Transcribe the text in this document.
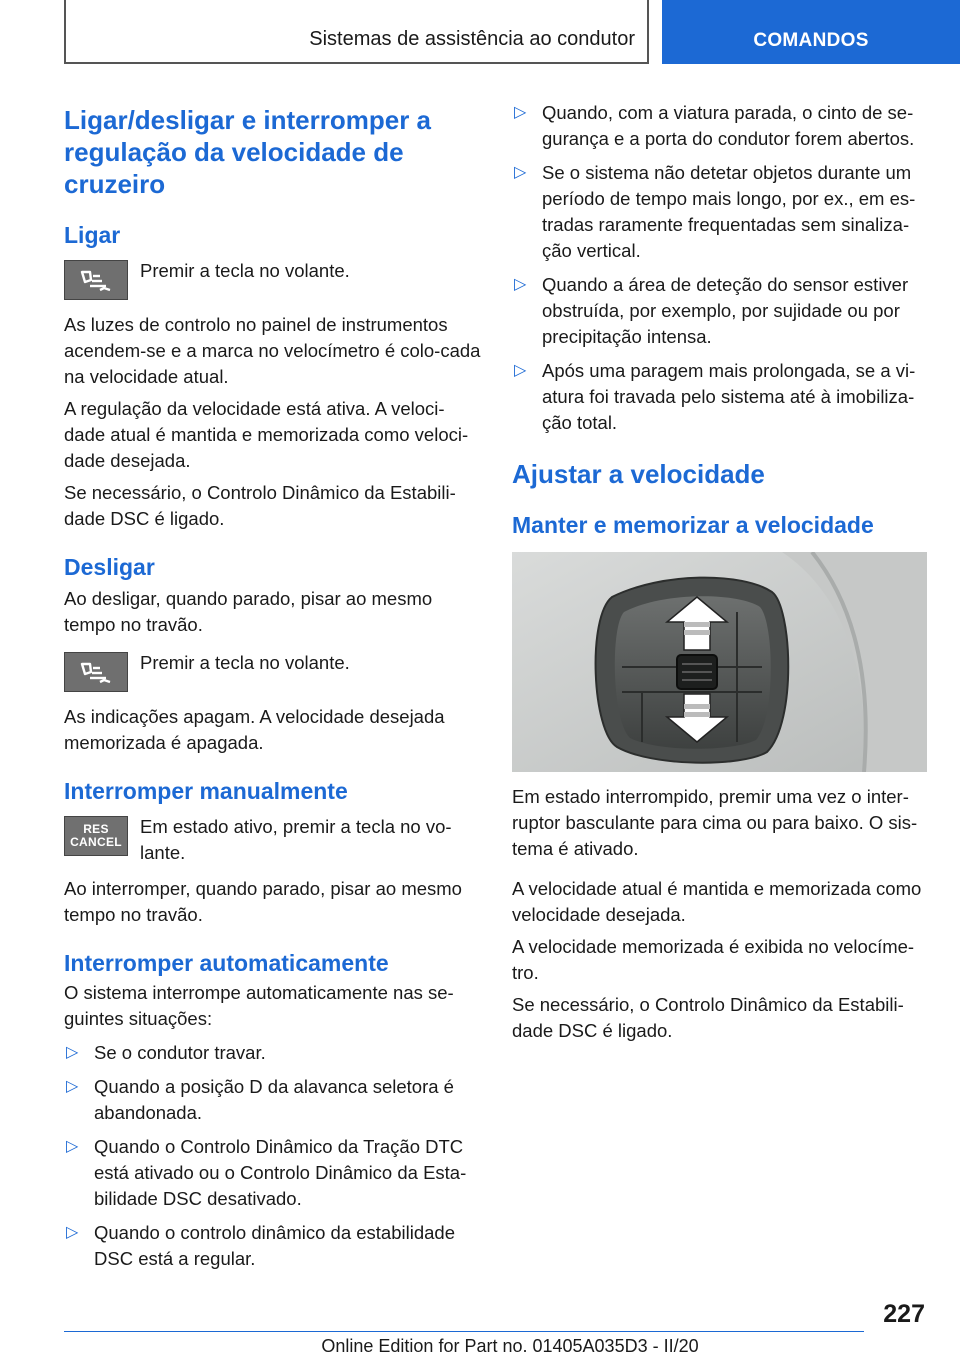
Sistemas de assistência ao condutor	COMANDOS
Ligar/desligar e interromper a regulação da velocidade de cruzeiro
Ligar

Premir a tecla no volante.

As luzes de controlo no painel de instrumentos acendem-se e a marca no velocímetro é colo-cada na velocidade atual.

A regulação da velocidade está ativa. A veloci-dade atual é mantida e memorizada como veloci-dade desejada.

Se necessário, o Controlo Dinâmico da Estabili-dade DSC é ligado.

Desligar

Ao desligar, quando parado, pisar ao mesmo tempo no travão.

Premir a tecla no volante.

As indicações apagam. A velocidade desejada memorizada é apagada.

Interromper manualmente
RES
CANCEL

Em estado ativo, premir a tecla no vo-lante.

Ao interromper, quando parado, pisar ao mesmo tempo no travão.

Interromper automaticamente

O sistema interrompe automaticamente nas se-guintes situações:

▷ Se o condutor travar.
▷ Quando a posição D da alavanca seletora é abandonada.
▷ Quando o Controlo Dinâmico da Tração DTC está ativado ou o Controlo Dinâmico da Esta-bilidade DSC desativado.
▷ Quando o controlo dinâmico da estabilidade DSC está a regular.
▷ Quando, com a viatura parada, o cinto de se-gurança e a porta do condutor forem abertos.
▷ Se o sistema não detetar objetos durante um período de tempo mais longo, por ex., em es-tradas raramente frequentadas sem sinaliza-ção vertical.
▷ Quando a área de deteção do sensor estiver obstruída, por exemplo, por sujidade ou por precipitação intensa.
▷ Após uma paragem mais prolongada, se a vi-atura foi travada pelo sistema até à imobiliza-ção total.
Ajustar a velocidade
Manter e memorizar a velocidade

Em estado interrompido, premir uma vez o inter-ruptor basculante para cima ou para baixo. O sis-tema é ativado.

A velocidade atual é mantida e memorizada como velocidade desejada.

A velocidade memorizada é exibida no velocíme-tro.

Se necessário, o Controlo Dinâmico da Estabili-dade DSC é ligado.

227
Online Edition for Part no. 01405A035D3 - II/20
